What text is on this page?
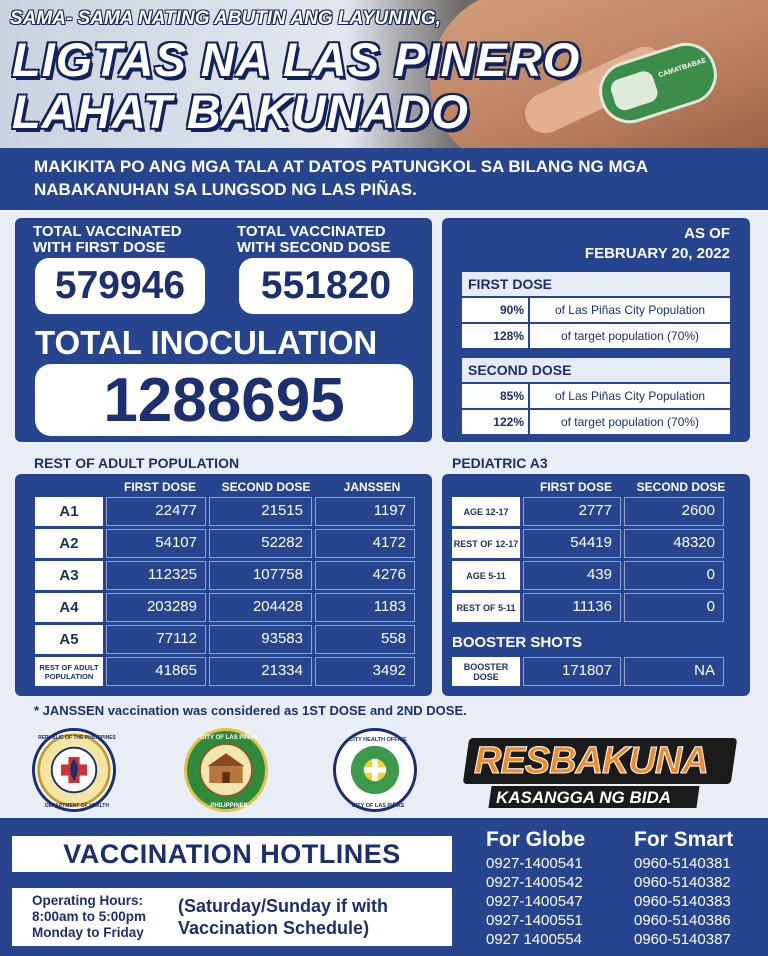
CAMATBABAE
SAMA- SAMA NATING ABUTIN ANG LAYUNING,
LIGTAS NA LAS PINERO
LAHAT BAKUNADO

MAKIKITA PO ANG MGA TALA AT DATOS PATUNGKOL SA BILANG NG MGA NABAKANUHAN SA LUNGSOD NG LAS PIÑAS.

TOTAL VACCINATED WITH FIRST DOSE
TOTAL VACCINATED WITH SECOND DOSE
579946	551820
TOTAL INOCULATION
1288695
AS OF
FEBRUARY 20, 2022
FIRST DOSE
90%	of Las Piñas City Population
128%	of target population (70%)
SECOND DOSE
85%	of Las Piñas City Population
122%	of target population (70%)
REST OF ADULT POPULATION	PEDIATRIC A3
FIRST DOSE	SECOND DOSE	JANSSEN
A1	22477	21515	1197
A2	54107	52282	4172
A3	112325	107758	4276
A4	203289	204428	1183
A5	77112	93583	558
REST OF ADULT POPULATION	41865	21334	3492
FIRST DOSE	SECOND DOSE
AGE 12-17	2777	2600
REST OF 12-17	54419	48320
AGE 5-11	439	0
REST OF 5-11	11136	0
BOOSTER SHOTS
BOOSTER DOSE	171807	NA
* JANSSEN vaccination was considered as 1ST DOSE and 2ND DOSE.
REPUBLIC OF THE PHILIPPINES
DEPARTMENT OF HEALTH
CITY OF LAS PIÑAS
PHILIPPINES
CITY HEALTH OFFICE
CITY OF LAS PIÑAS
RESBAKUNA
KASANGGA NG BIDA
VACCINATION HOTLINES
Operating Hours:
8:00am to 5:00pm
Monday to Friday
(Saturday/Sunday if with Vaccination Schedule)
For Globe
0927-1400541
0927-1400542
0927-1400547
0927-1400551
0927 1400554
For Smart
0960-5140381
0960-5140382
0960-5140383
0960-5140386
0960-5140387
